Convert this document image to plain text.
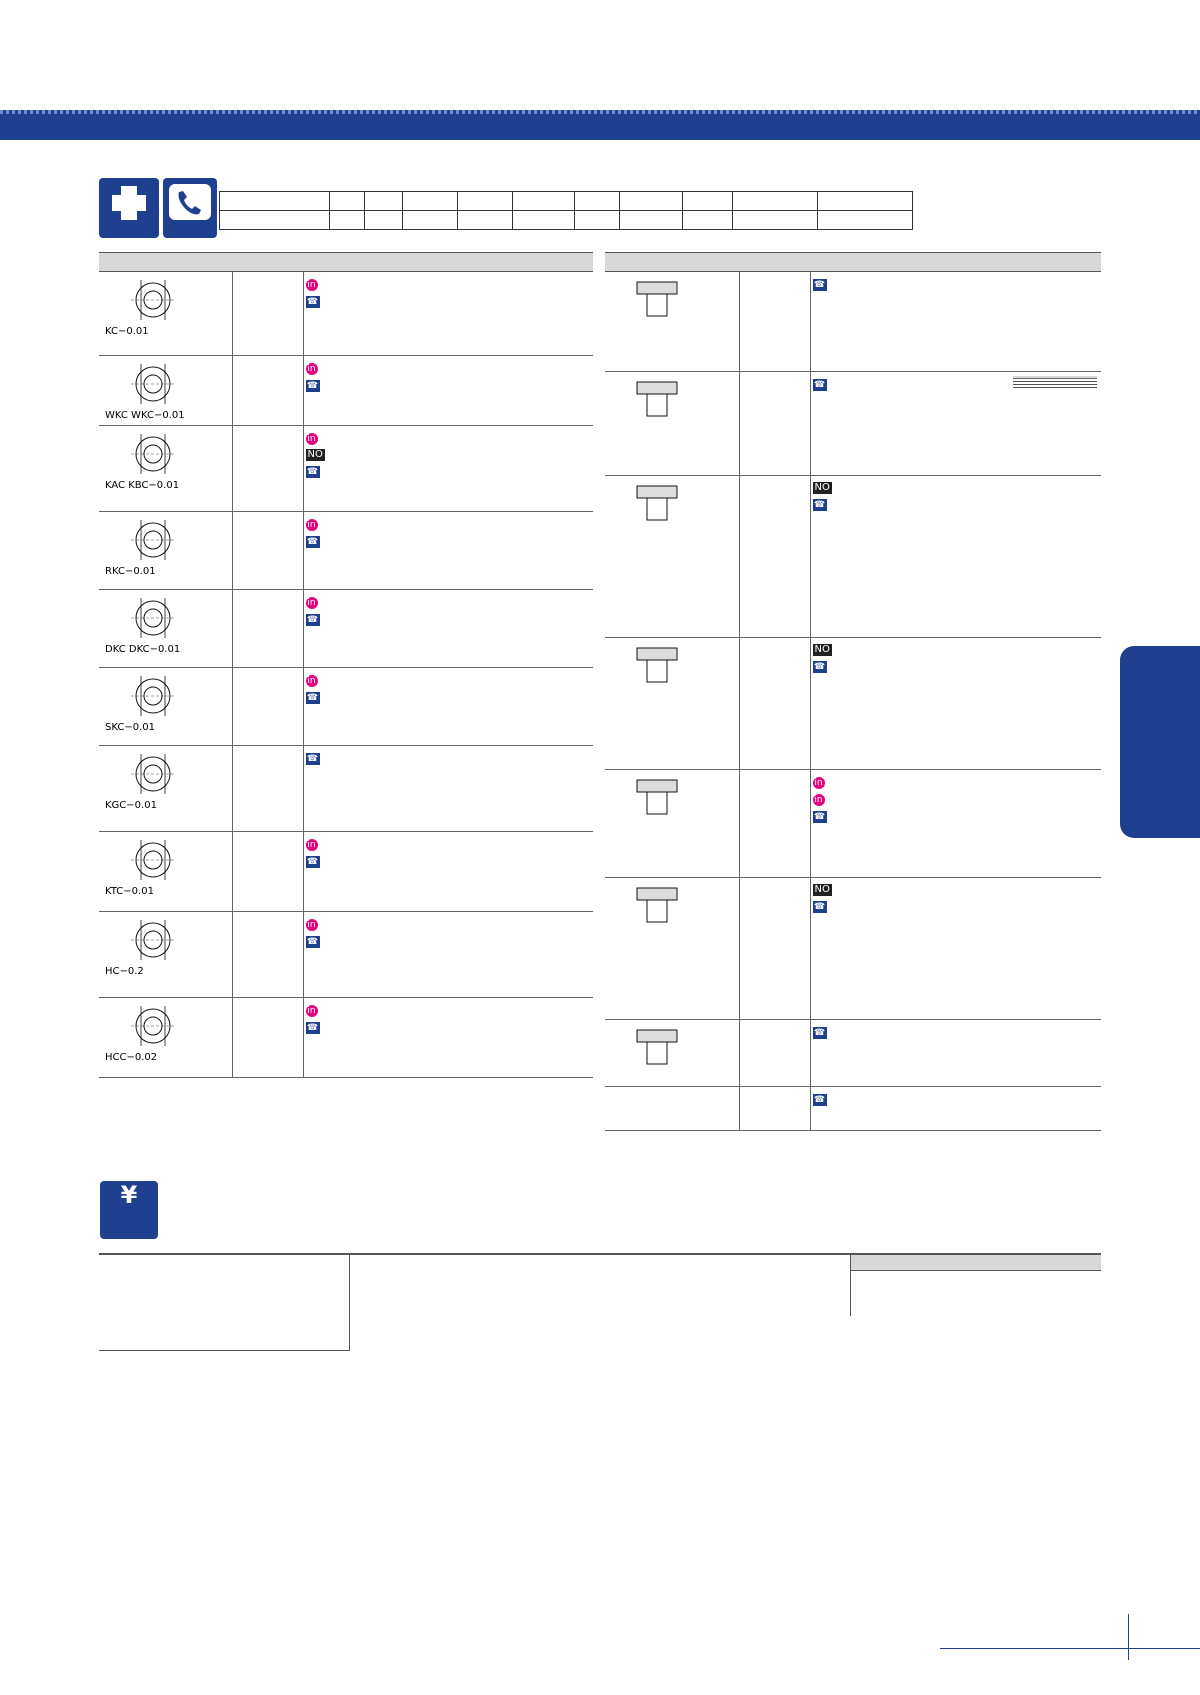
KC−0.01		in
☎

WKC WKC−0.01		in
☎

KAC KBC−0.01		in
NO
☎

RKC−0.01		in
☎

DKC DKC−0.01		in
☎

SKC−0.01		in
☎

KGC−0.01		☎

KTC−0.01		in
☎

HC−0.2		in
☎

HCC−0.02		in
☎

☎

☎

NO
☎

NO
☎

in
in
☎

NO
☎

☎

☎
¥
